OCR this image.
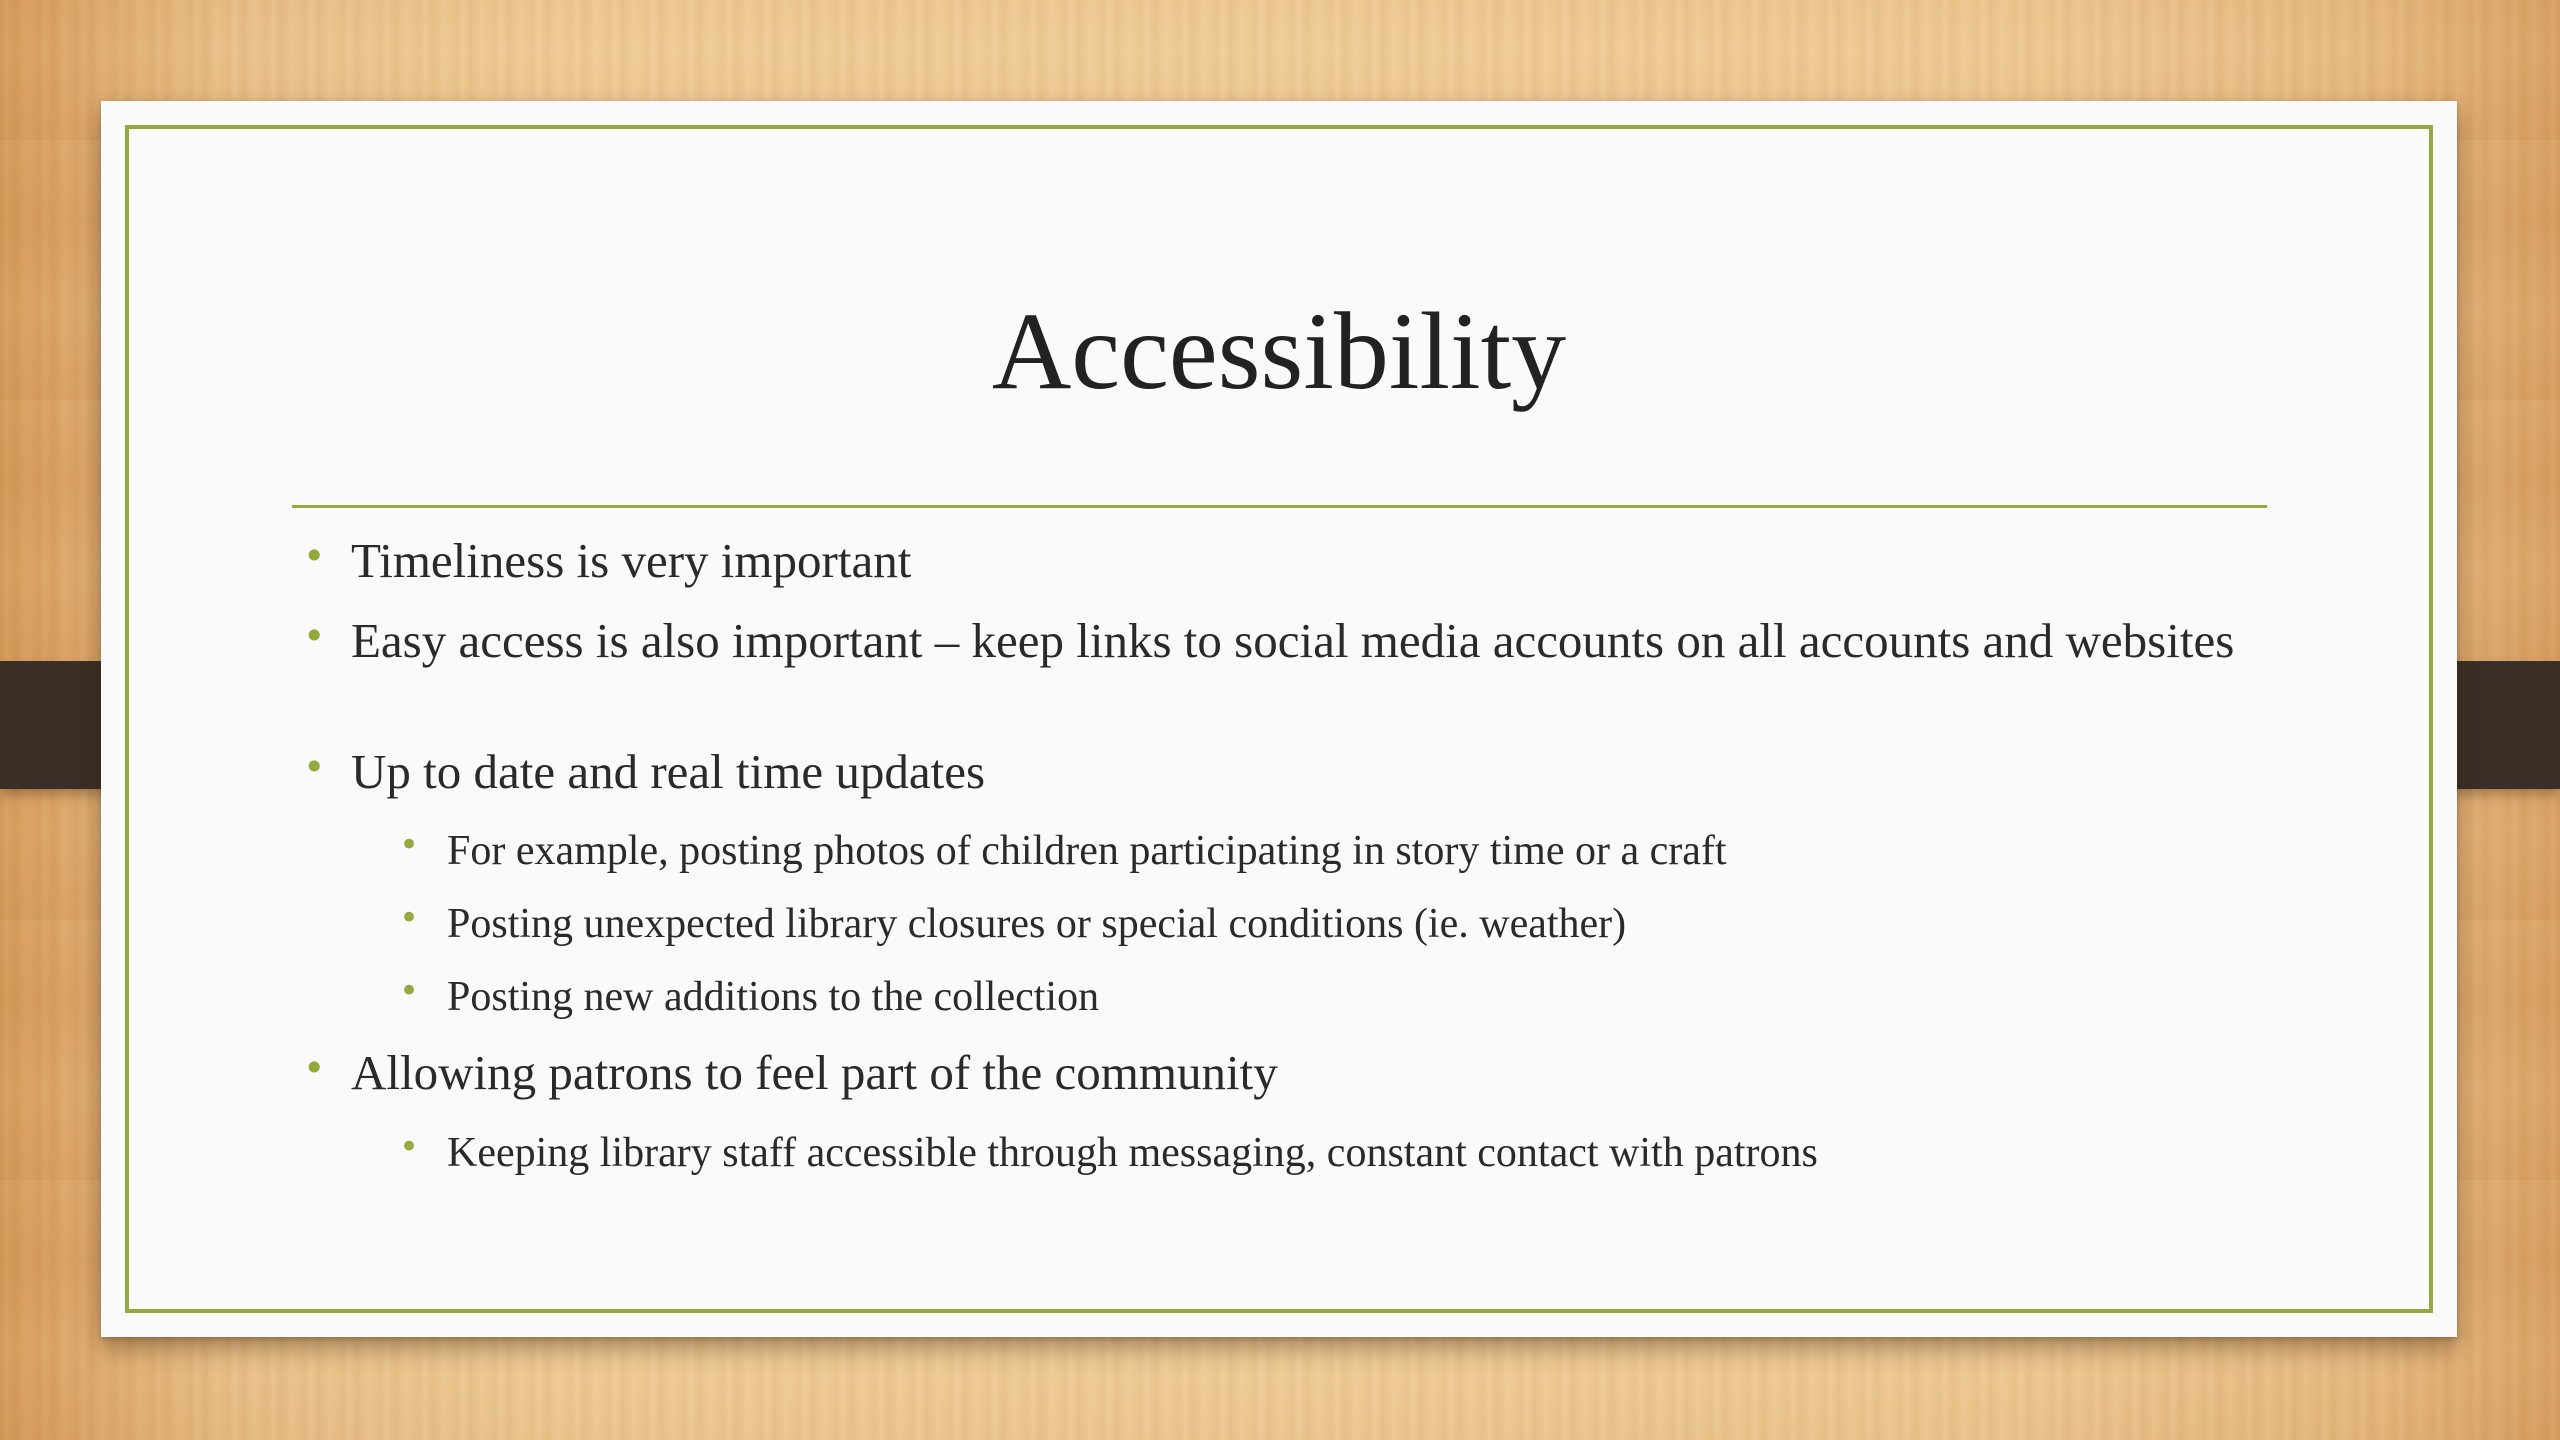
Accessibility
• Timeliness is very important
• Easy access is also important – keep links to social media accounts on all accounts and websites
• Up to date and real time updates
• For example, posting photos of children participating in story time or a craft
• Posting unexpected library closures or special conditions (ie. weather)
• Posting new additions to the collection
• Allowing patrons to feel part of the community
• Keeping library staff accessible through messaging, constant contact with patrons
